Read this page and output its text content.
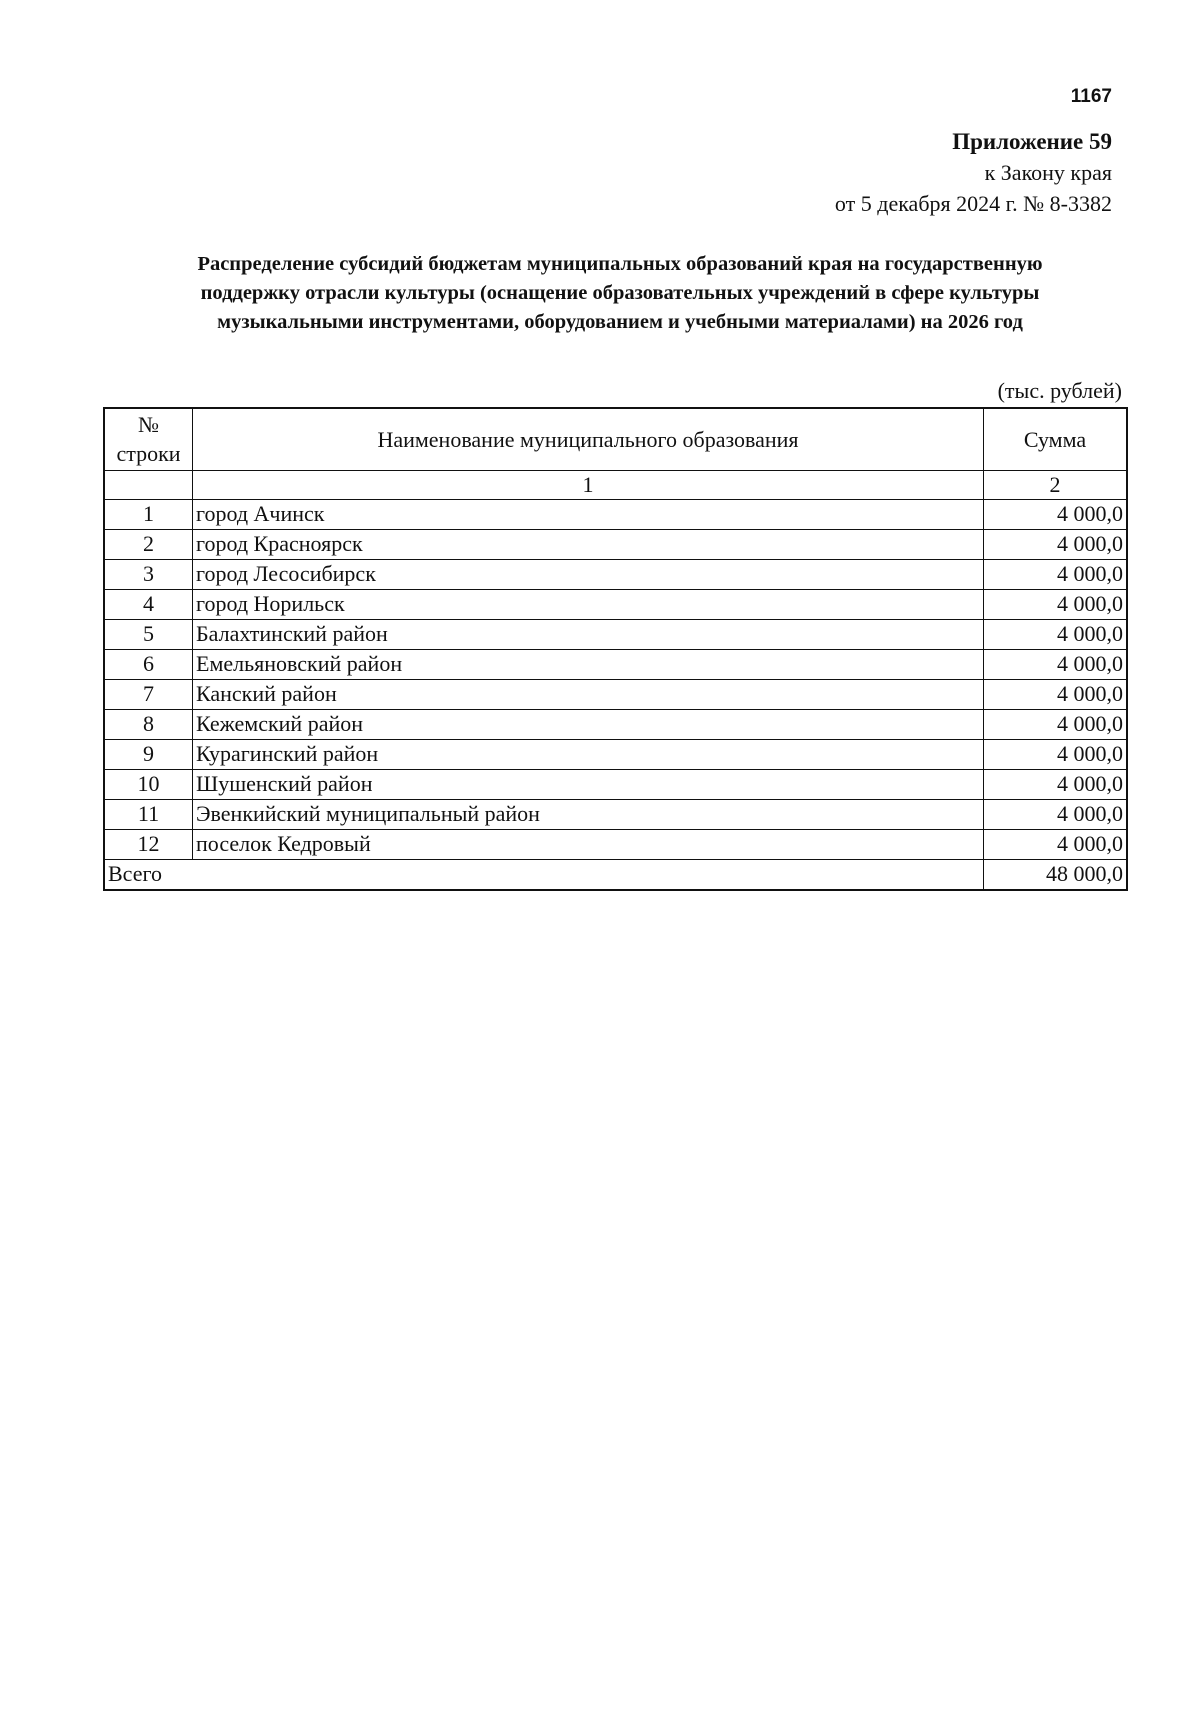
1167
Приложение 59
к Закону края
от 5 декабря 2024 г. № 8-3382
Распределение субсидий бюджетам муниципальных образований края на государственную
поддержку отрасли культуры (оснащение образовательных учреждений в сфере культуры
музыкальными инструментами, оборудованием и учебными материалами) на 2026 год
(тыс. рублей)
№
строки	Наименование муниципального образования	Сумма
	1	2
1	город Ачинск	4 000,0
2	город Красноярск	4 000,0
3	город Лесосибирск	4 000,0
4	город Норильск	4 000,0
5	Балахтинский район	4 000,0
6	Емельяновский район	4 000,0
7	Канский район	4 000,0
8	Кежемский район	4 000,0
9	Курагинский район	4 000,0
10	Шушенский район	4 000,0
11	Эвенкийский муниципальный район	4 000,0
12	поселок Кедровый	4 000,0
Всего		48 000,0
